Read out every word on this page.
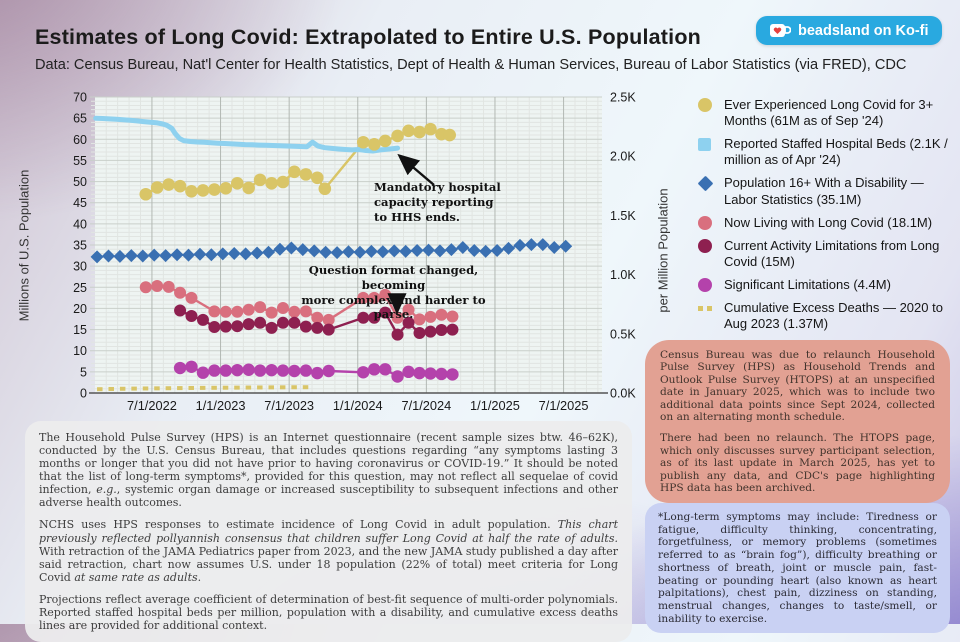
0
5
10
15
20
25
30
35
40
45
50
55
60
65
70
0.0K
0.5K
1.0K
1.5K
2.0K
2.5K
7/1/2022 1/1/2023 7/1/2023 1/1/2024 7/1/2024 1/1/2025 7/1/2025
Estimates of Long Covid: Extrapolated to Entire U.S. Population
Data: Census Bureau, Nat'l Center for Health Statistics, Dept of Health & Human Services, Bureau of Labor Statistics (via FRED), CDC
beadsland on Ko-fi
Millions of U.S. Population	per Million Population
Ever Experienced Long Covid for 3+ Months (61M as of Sep '24)
Reported Staffed Hospital Beds (2.1K / million as of Apr '24)
Population 16+ With a Disability — Labor Statistics (35.1M)
Now Living with Long Covid (18.1M)
Current Activity Limitations from Long Covid (15M)
Significant Limitations (4.4M)
Cumulative Excess Deaths — 2020 to Aug 2023 (1.37M)
Mandatory hospital
capacity reporting
to HHS ends.
Question format changed, becoming
more complex and harder to parse.

The Household Pulse Survey (HPS) is an Internet questionnaire (recent sample sizes btw. 46–62K), conducted by the U.S. Census Bureau, that includes questions regarding “any symptoms lasting 3 months or longer that you did not have prior to having coronavirus or COVID-19.” It should be noted that the list of long-term symptoms*, provided for this question, may not reflect all sequelae of covid infection, e.g., systemic organ damage or increased susceptibility to subsequent infections and other adverse health outcomes.

NCHS uses HPS responses to estimate incidence of Long Covid in adult population. This chart previously reflected pollyannish consensus that children suffer Long Covid at half the rate of adults. With retraction of the JAMA Pediatrics paper from 2023, and the new JAMA study published a day after said retraction, chart now assumes U.S. under 18 population (22% of total) meet criteria for Long Covid at same rate as adults.

Projections reflect average coefficient of determination of best-fit sequence of multi-order polynomials. Reported staffed hospital beds per million, population with a disability, and cumulative excess deaths lines are provided for additional context.

Census Bureau was due to relaunch Household Pulse Survey (HPS) as Household Trends and Outlook Pulse Survey (HTOPS) at an unspecified date in January 2025, which was to include two additional data points since Sept 2024, collected on an alternating month schedule.

There had been no relaunch. The HTOPS page, which only discusses survey participant selection, as of its last update in March 2025, has yet to publish any data, and CDC's page highlighting HPS data has been archived.

*Long-term symptoms may include: Tiredness or fatigue, difficulty thinking, concentrating, forgetfulness, or memory problems (sometimes referred to as “brain fog”), difficulty breathing or shortness of breath, joint or muscle pain, fast-beating or pounding heart (also known as heart palpitations), chest pain, dizziness on standing, menstrual changes, changes to taste/smell, or inability to exercise.
